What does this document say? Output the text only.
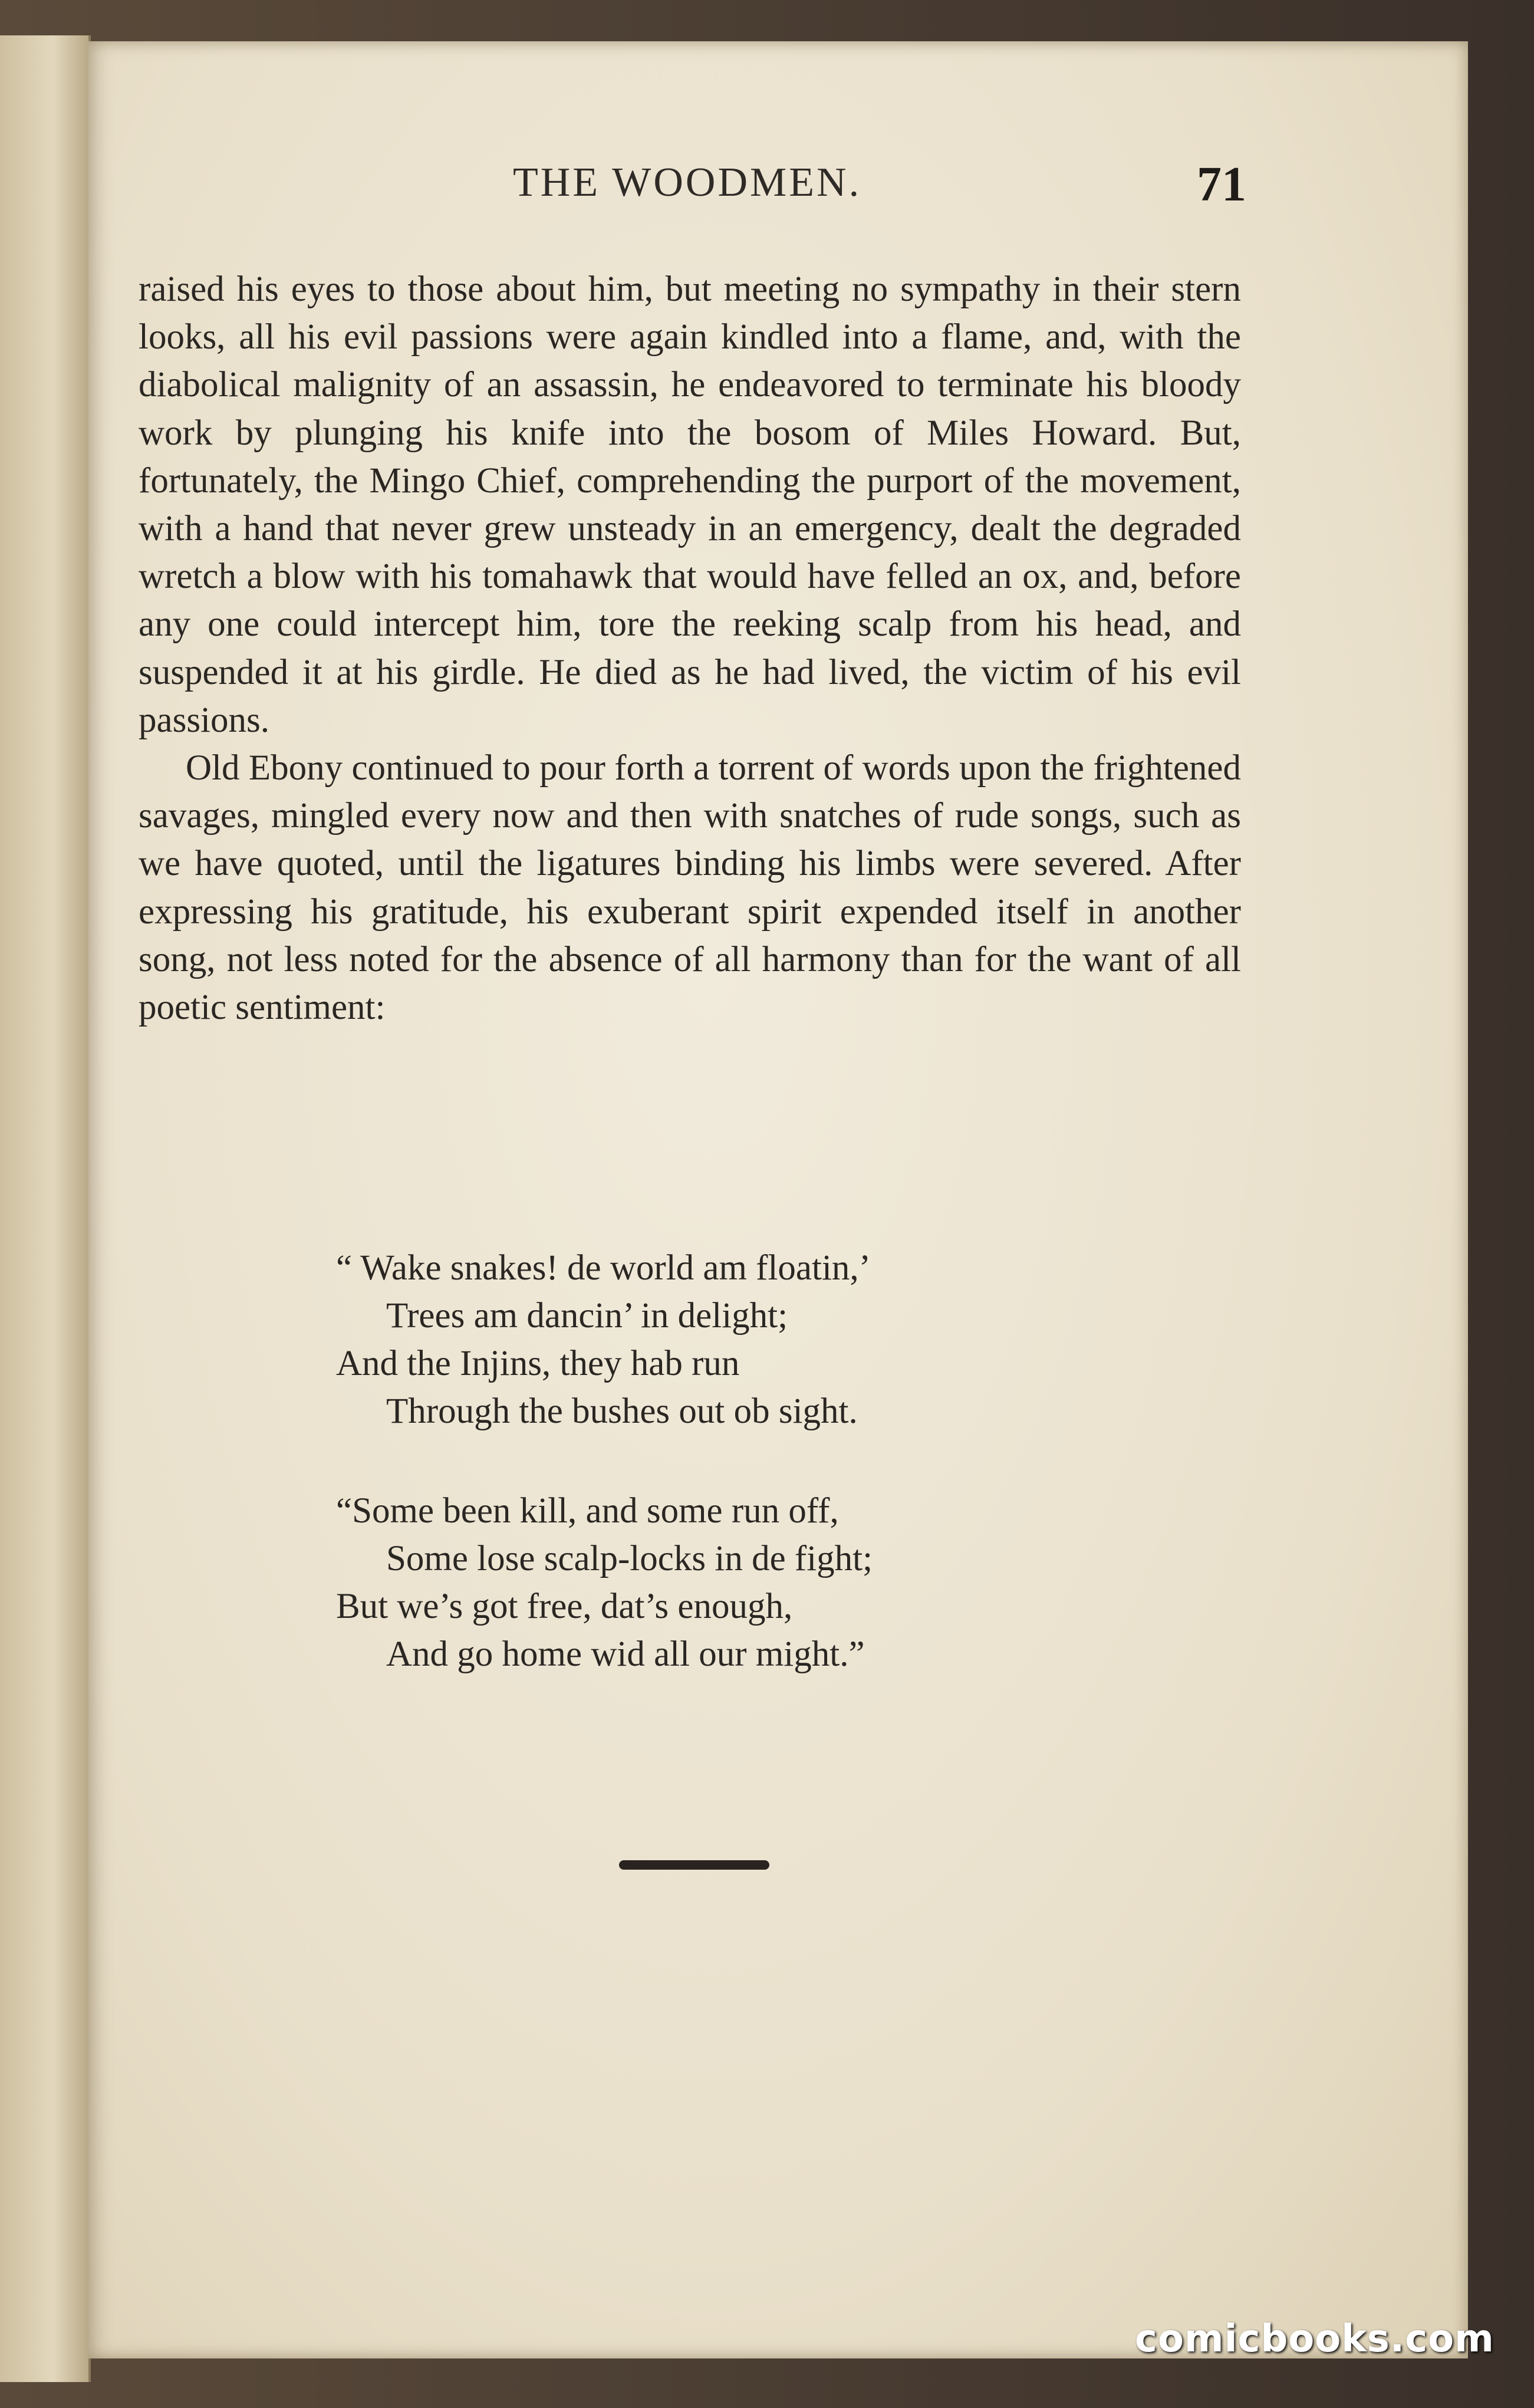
THE WOODMEN.	71

raised his eyes to those about him, but meeting no sympathy in their stern looks, all his evil passions were again kindled into a flame, and, with the diabolical malignity of an assassin, he endeavored to terminate his bloody work by plunging his knife into the bosom of Miles Howard. But, fortunately, the Mingo Chief, comprehending the purport of the movement, with a hand that never grew unsteady in an emergency, dealt the degraded wretch a blow with his tomahawk that would have felled an ox, and, before any one could intercept him, tore the reeking scalp from his head, and suspended it at his girdle. He died as he had lived, the victim of his evil passions.

Old Ebony continued to pour forth a torrent of words upon the frightened savages, mingled every now and then with snatches of rude songs, such as we have quoted, until the ligatures binding his limbs were severed. After expressing his gratitude, his exuberant spirit expended itself in another song, not less noted for the absence of all harmony than for the want of all poetic sentiment:

“ Wake snakes! de world am floatin,’
Trees am dancin’ in delight;
And the Injins, they hab run
Through the bushes out ob sight.
“Some been kill, and some run off,
Some lose scalp-locks in de fight;
But we’s got free, dat’s enough,
And go home wid all our might.”
comicbooks.com
